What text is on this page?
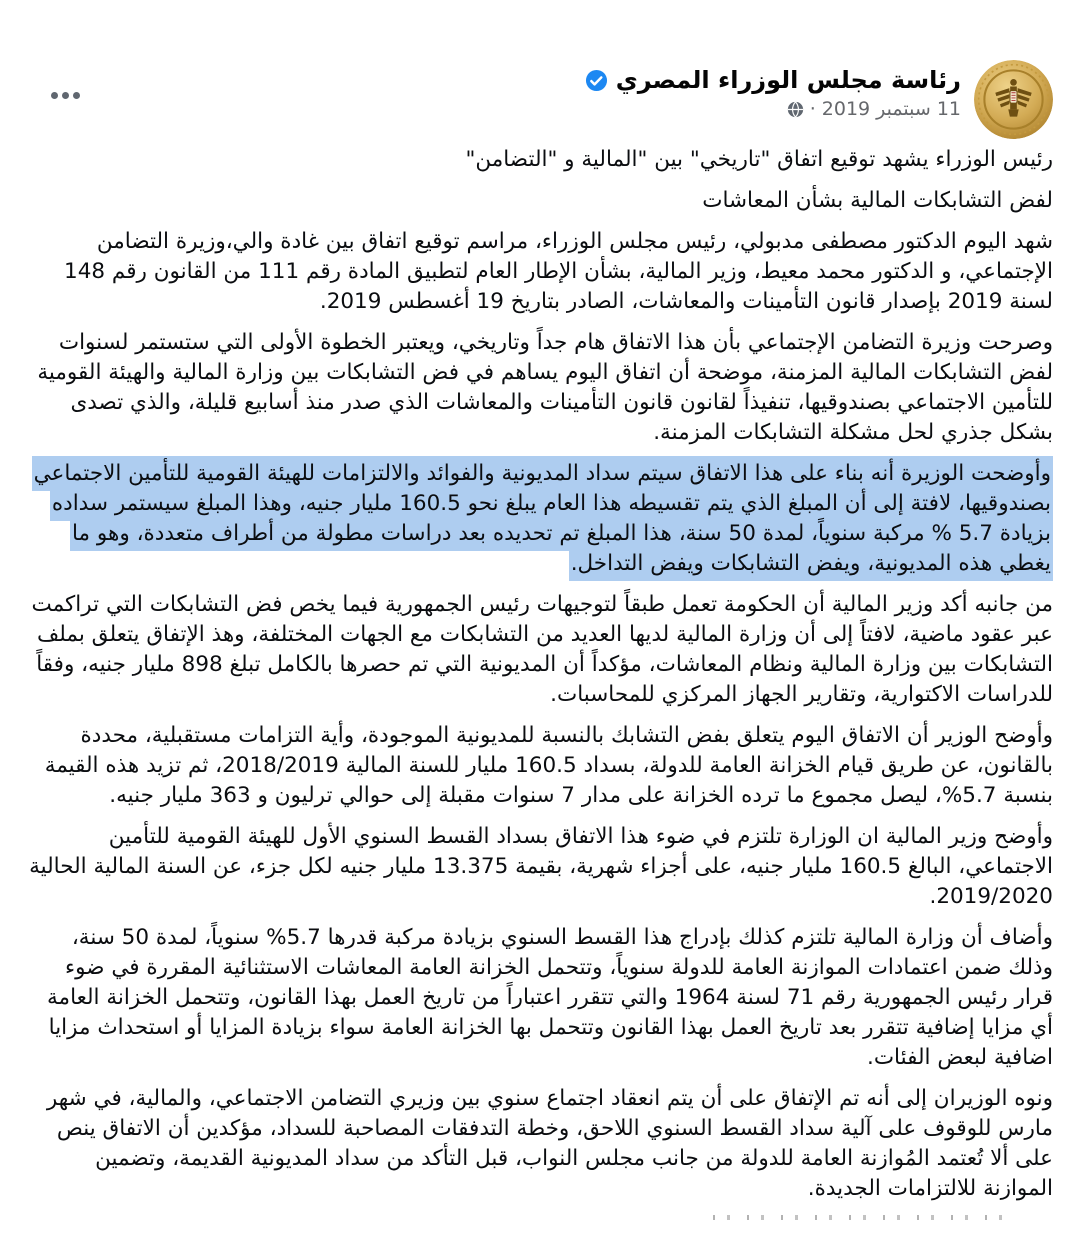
رئاسة مجلس الوزراء المصري
11 سبتمبر 2019
·

رئيس الوزراء يشهد توقيع اتفاق "تاريخي" بين "المالية و "التضامن"

لفض التشابكات المالية بشأن المعاشات

شهد اليوم الدكتور مصطفى مدبولي، رئيس مجلس الوزراء، مراسم توقيع اتفاق بين غادة والي،وزيرة التضامن الإجتماعي، و الدكتور محمد معيط، وزير المالية، بشأن الإطار العام لتطبيق المادة رقم 111 من القانون رقم 148 لسنة 2019 بإصدار قانون التأمينات والمعاشات، الصادر بتاريخ 19 أغسطس 2019.

وصرحت وزيرة التضامن الإجتماعي بأن هذا الاتفاق هام جداً وتاريخي، ويعتبر الخطوة الأولى التي ستستمر لسنوات لفض التشابكات المالية المزمنة، موضحة أن اتفاق اليوم يساهم في فض التشابكات بين وزارة المالية والهيئة القومية للتأمين الاجتماعي بصندوقيها، تنفيذاً لقانون قانون التأمينات والمعاشات الذي صدر منذ أسابيع قليلة، والذي تصدى بشكل جذري لحل مشكلة التشابكات المزمنة.

وأوضحت الوزيرة أنه بناء على هذا الاتفاق سيتم سداد المديونية والفوائد والالتزامات للهيئة القومية للتأمين الاجتماعي بصندوقيها، لافتة إلى أن المبلغ الذي يتم تقسيطه هذا العام يبلغ نحو 160.5 مليار جنيه، وهذا المبلغ سيستمر سداده بزيادة 5.7 % مركبة سنوياً، لمدة 50 سنة، هذا المبلغ تم تحديده بعد دراسات مطولة من أطراف متعددة، وهو ما يغطي هذه المديونية، ويفض التشابكات ويفض التداخل.

من جانبه أكد وزير المالية أن الحكومة تعمل طبقاً لتوجيهات رئيس الجمهورية فيما يخص فض التشابكات التي تراكمت عبر عقود ماضية، لافتاً إلى أن وزارة المالية لديها العديد من التشابكات مع الجهات المختلفة، وهذ الإتفاق يتعلق بملف التشابكات بين وزارة المالية ونظام المعاشات، مؤكداً أن المديونية التي تم حصرها بالكامل تبلغ 898 مليار جنيه، وفقاً للدراسات الاكتوارية، وتقارير الجهاز المركزي للمحاسبات.

وأوضح الوزير أن الاتفاق اليوم يتعلق بفض التشابك بالنسبة للمديونية الموجودة، وأية التزامات مستقبلية، محددة بالقانون، عن طريق قيام الخزانة العامة للدولة، بسداد 160.5 مليار للسنة المالية 2018/2019، ثم تزيد هذه القيمة بنسبة 5.7%، ليصل مجموع ما ترده الخزانة على مدار 7 سنوات مقبلة إلى حوالي ترليون و 363 مليار جنيه.

وأوضح وزير المالية ان الوزارة تلتزم في ضوء هذا الاتفاق بسداد القسط السنوي الأول للهيئة القومية للتأمين الاجتماعي، البالغ 160.5 مليار جنيه، على أجزاء شهرية، بقيمة 13.375 مليار جنيه لكل جزء، عن السنة المالية الحالية 2019/2020.

وأضاف أن وزارة المالية تلتزم كذلك بإدراج هذا القسط السنوي بزيادة مركبة قدرها 5.7% سنوياً، لمدة 50 سنة، وذلك ضمن اعتمادات الموازنة العامة للدولة سنوياً، وتتحمل الخزانة العامة المعاشات الاستثنائية المقررة في ضوء قرار رئيس الجمهورية رقم 71 لسنة 1964 والتي تتقرر اعتباراً من تاريخ العمل بهذا القانون، وتتحمل الخزانة العامة أي مزايا إضافية تتقرر بعد تاريخ العمل بهذا القانون وتتحمل بها الخزانة العامة سواء بزيادة المزايا أو استحداث مزايا اضافية لبعض الفئات.

ونوه الوزيران إلى أنه تم الإتفاق على أن يتم انعقاد اجتماع سنوي بين وزيري التضامن الاجتماعي، والمالية، في شهر مارس للوقوف على آلية سداد القسط السنوي اللاحق، وخطة التدفقات المصاحبة للسداد، مؤكدين أن الاتفاق ينص على ألا تُعتمد المُوازنة العامة للدولة من جانب مجلس النواب، قبل التأكد من سداد المديونية القديمة، وتضمين الموازنة للالتزامات الجديدة.
